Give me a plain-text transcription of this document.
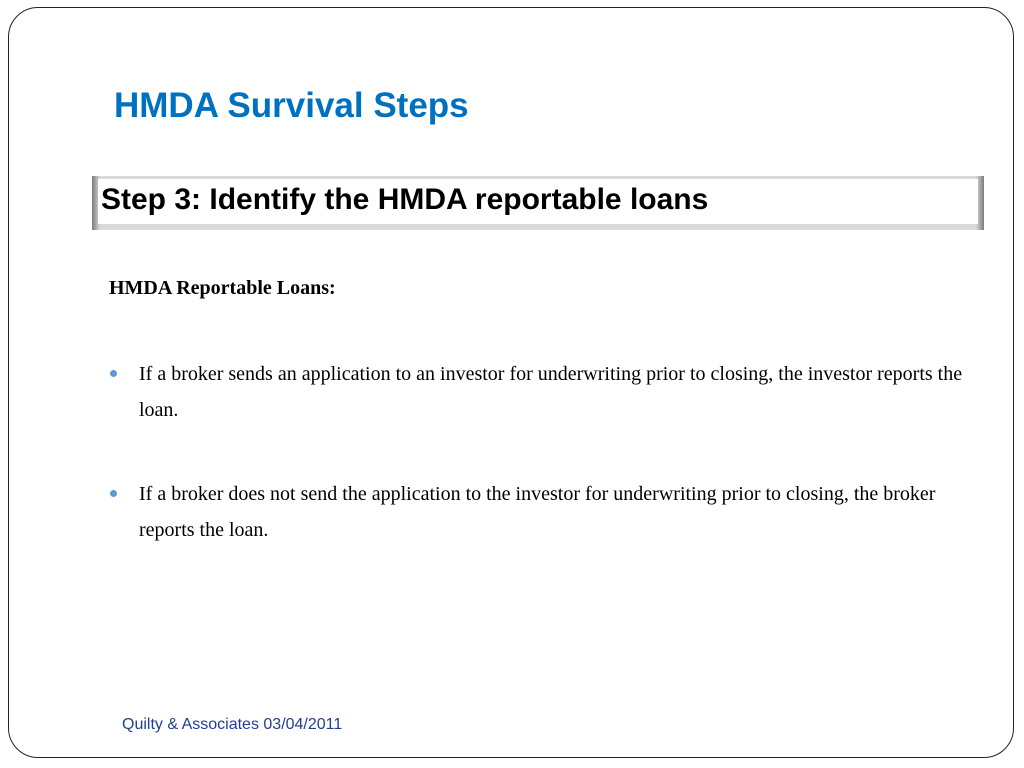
HMDA Survival Steps
Step 3: Identify the HMDA reportable loans
HMDA Reportable Loans:
If a broker sends an application to an investor for underwriting prior to closing, the investor reports the loan.
If a broker does not send the application to the investor for underwriting prior to closing, the broker reports the loan.
Quilty & Associates 03/04/2011
